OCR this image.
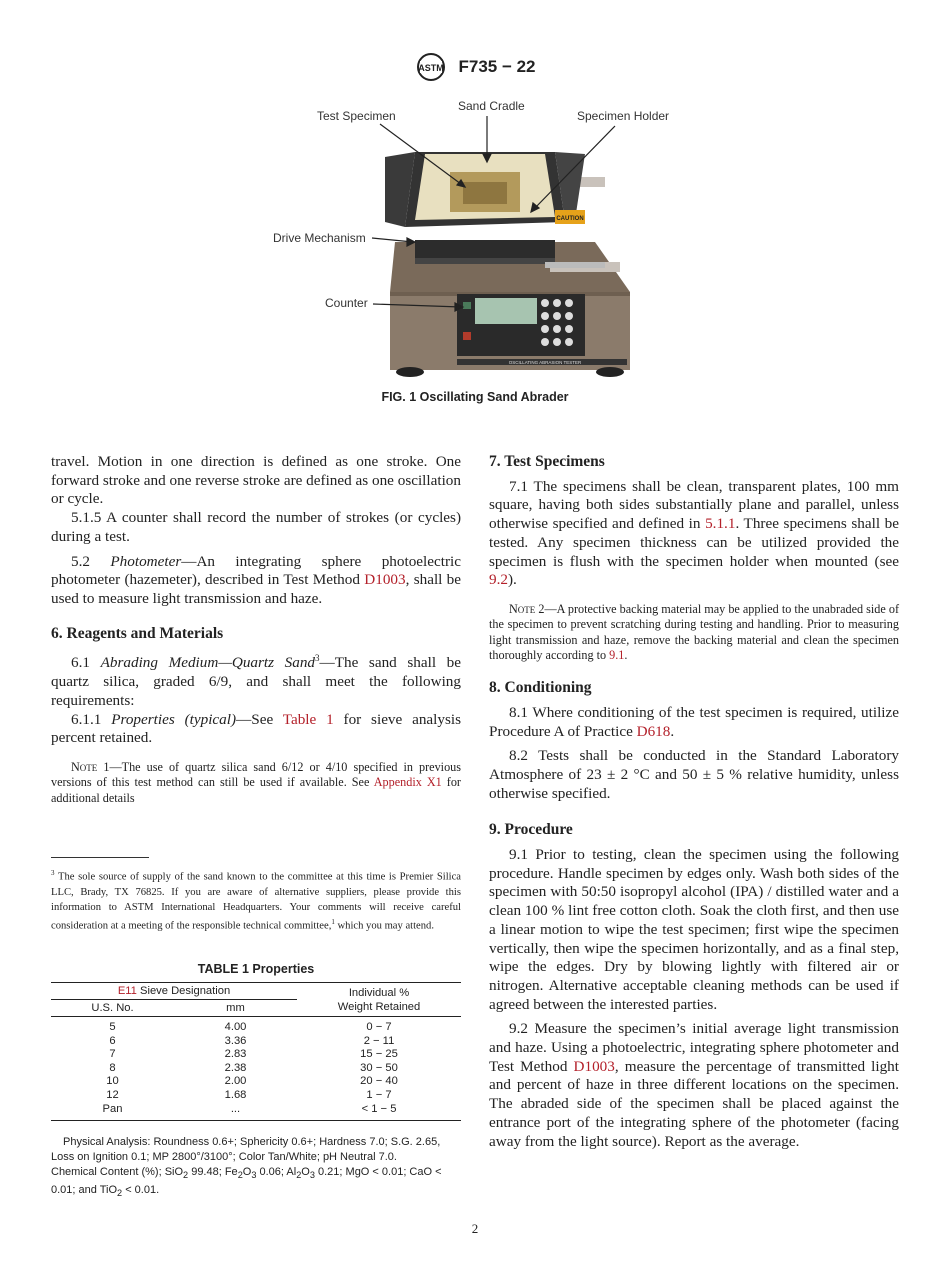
ASTM F735 − 22
CAUTION
OSCILLATING ABRASION TESTER
Test Specimen
Sand Cradle
Specimen Holder
Drive Mechanism
Counter
FIG. 1 Oscillating Sand Abrader

travel. Motion in one direction is defined as one stroke. One forward stroke and one reverse stroke are defined as one oscillation or cycle.

5.1.5 A counter shall record the number of strokes (or cycles) during a test.

5.2 Photometer—An integrating sphere photoelectric photometer (hazemeter), described in Test Method D1003, shall be used to measure light transmission and haze.

6. Reagents and Materials

6.1 Abrading Medium—Quartz Sand$^3$—The sand shall be quartz silica, graded 6/9, and shall meet the following requirements:

6.1.1 Properties (typical)—See Table 1 for sieve analysis percent retained.

Note 1—The use of quartz silica sand 6/12 or 4/10 specified in previous versions of this test method can still be used if available. See Appendix X1 for additional details

$^3$ The sole source of supply of the sand known to the committee at this time is Premier Silica LLC, Brady, TX 76825. If you are aware of alternative suppliers, please provide this information to ASTM International Headquarters. Your comments will receive careful consideration at a meeting of the responsible technical committee,$^1$ which you may attend.
TABLE 1 Properties
E11 Sieve Designation		Individual % Weight Retained
U.S. No.	mm	
5	4.00	0 − 7
6	3.36	2 − 11
7	2.83	15 − 25
8	2.38	30 − 50
10	2.00	20 − 40
12	1.68	1 − 7
Pan	...	< 1 − 5
Physical Analysis: Roundness 0.6+; Sphericity 0.6+; Hardness 7.0; S.G. 2.65, Loss on Ignition 0.1; MP 2800°/3100°; Color Tan/White; pH Neutral 7.0.
Chemical Content (%); SiO$_2$ 99.48; $Fe_2O_3$ 0.06; $Al_2O_3$ 0.21; MgO < 0.01; CaO < 0.01; and TiO$_2$ < 0.01.
7. Test Specimens

7.1 The specimens shall be clean, transparent plates, 100 mm square, having both sides substantially plane and parallel, unless otherwise specified and defined in 5.1.1. Three specimens shall be tested. Any specimen thickness can be utilized provided the specimen is flush with the specimen holder when mounted (see 9.2).

Note 2—A protective backing material may be applied to the unabraded side of the specimen to prevent scratching during testing and handling. Prior to measuring light transmission and haze, remove the backing material and clean the specimen thoroughly according to 9.1.

8. Conditioning

8.1 Where conditioning of the test specimen is required, utilize Procedure A of Practice D618.

8.2 Tests shall be conducted in the Standard Laboratory Atmosphere of 23 ± 2 °C and 50 ± 5 % relative humidity, unless otherwise specified.

9. Procedure

9.1 Prior to testing, clean the specimen using the following procedure. Handle specimen by edges only. Wash both sides of the specimen with 50:50 isopropyl alcohol (IPA) / distilled water and a clean 100 % lint free cotton cloth. Soak the cloth first, and then use a linear motion to wipe the test specimen; first wipe the specimen vertically, then wipe the specimen horizontally, and as a final step, wipe the edges. Dry by blowing lightly with filtered air or nitrogen. Alternative acceptable cleaning methods can be used if agreed between the interested parties.

9.2 Measure the specimen’s initial average light transmission and haze. Using a photoelectric, integrating sphere photometer and Test Method D1003, measure the percentage of transmitted light and percent of haze in three different locations on the specimen. The abraded side of the specimen shall be placed against the entrance port of the integrating sphere of the photometer (facing away from the light source). Report as the average.

2
